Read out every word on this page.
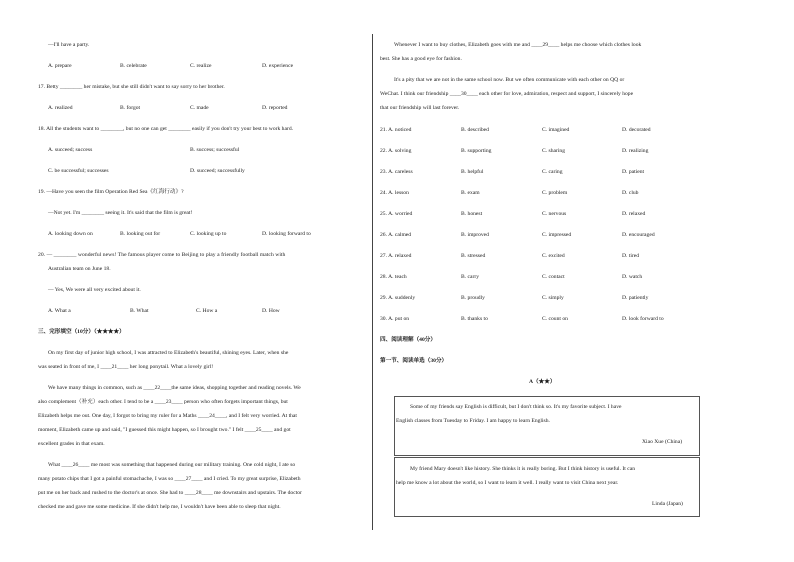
—I'll have a party.
A. prepare	B. celebrate	C. realize	D. experience
17. Betty ________ her mistake, but she still didn't want to say sorry to her brother.
A. realized	B. forgot	C. made	D. reported
18. All the students want to ________, but no one can get ________ easily if you don't try your best to work hard.
A. succeed; success	B. success; successful
C. be successful; successes	D. succeed; successfully
19. —Have you seen the film Operation Red Sea《红海行动》?
—Not yet. I'm ________ seeing it. It's said that the film is great!
A. looking down on	B. looking out for	C. looking up to	D. looking forward to
20. — ________ wonderful news! The famous player come to Beijing to play a friendly football match with
Australian team on June 18.
— Yes, We were all very excited about it.
A. What a	B. What	C. How a	D. How
三、完形填空（10分）（★★★★）
On my first day of junior high school, I was attracted to Elizabeth's beautiful, shining eyes. Later, when she
was seated in front of me, I ____21____ her long ponytail. What a lovely girl!
We have many things in common, such as ____22____the same ideas, shopping together and reading novels. We
also complement（补充）each other. I tend to be a ____23____ person who often forgets important things, but
Elizabeth helps me out. One day, I forgot to bring my ruler for a Maths ____24____, and I felt very worried. At that
moment, Elizabeth came up and said, "I guessed this might happen, so I brought two." I felt ____25____ and got
excellent grades in that exam.
What ____26____ me most was something that happened during our military training. One cold night, I ate so
many potato chips that I got a painful stomachache, I was so ____27____ and I cried. To my great surprise, Elizabeth
put me on her back and rushed to the doctor's at once. She had to ____28____ me downstairs and upstairs. The doctor
checked me and gave me some medicine. If she didn't help me, I wouldn't have been able to sleep that night.
Whenever I want to buy clothes, Elizabeth goes with me and ____29____ helps me choose which clothes look
best. She has a good eye for fashion.
It's a pity that we are not in the same school now. But we often communicate with each other on QQ or
WeChat. I think our friendship ____30____ each other for love, admiration, respect and support, I sincerely hope
that our friendship will last forever.
21. A. noticed	B. described	C. imagined	D. decorated
22. A. solving	B. supporting	C. sharing	D. realizing
23. A. careless	B. helpful	C. caring	D. patient
24. A. lesson	B. exam	C. problem	D. club
25. A. worried	B. honest	C. nervous	D. relaxed
26. A. calmed	B. improved	C. impressed	D. encouraged
27. A. relaxed	B. stressed	C. excited	D. tired
28. A. teach	B. carry	C. contact	D. watch
29. A. suddenly	B. proudly	C. simply	D. patiently
30. A. put on	B. thanks to	C. count on	D. look forward to
四、阅读理解（40分）
第一节、阅读单选（30分）
A（★★）
Some of my friends say English is difficult, but I don't think so. It's my favorite subject. I have
English classes from Tuesday to Friday. I am happy to learn English.
Xiao Xue (China)
My friend Mary doesn't like history. She thinks it is really boring. But I think history is useful. It can
help me know a lot about the world, so I want to learn it well. I really want to visit China next year.
Linda (Japan)
